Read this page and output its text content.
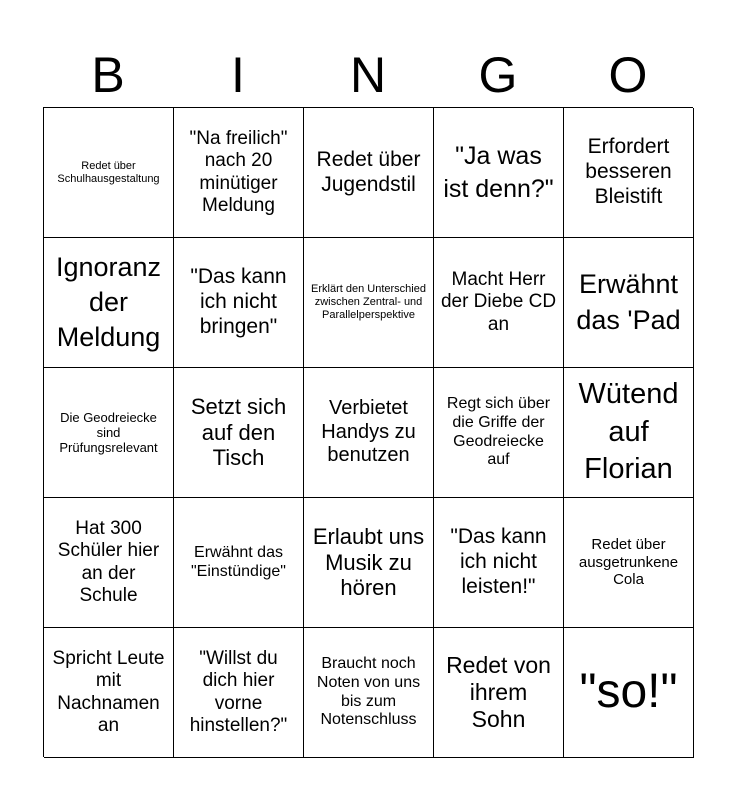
B	I	N	G	O
Redet über Schulhausgestaltung
"Na freilich" nach 20 minütiger Meldung
Redet über Jugendstil
"Ja was ist denn?"
Erfordert besseren Bleistift
Ignoranz der Meldung
"Das kann ich nicht bringen"
Erklärt den Unterschied zwischen Zentral- und Parallelperspektive
Macht Herr der Diebe CD an
Erwähnt das 'Pad
Die Geodreiecke sind Prüfungsrelevant
Setzt sich auf den Tisch
Verbietet Handys zu benutzen
Regt sich über die Griffe der Geodreiecke auf
Wütend auf Florian
Hat 300 Schüler hier an der Schule
Erwähnt das "Einstündige"
Erlaubt uns Musik zu hören
"Das kann ich nicht leisten!"
Redet über ausgetrunkene Cola
Spricht Leute mit Nachnamen an
"Willst du dich hier vorne hinstellen?"
Braucht noch Noten von uns bis zum Notenschluss
Redet von ihrem Sohn
"so!"
